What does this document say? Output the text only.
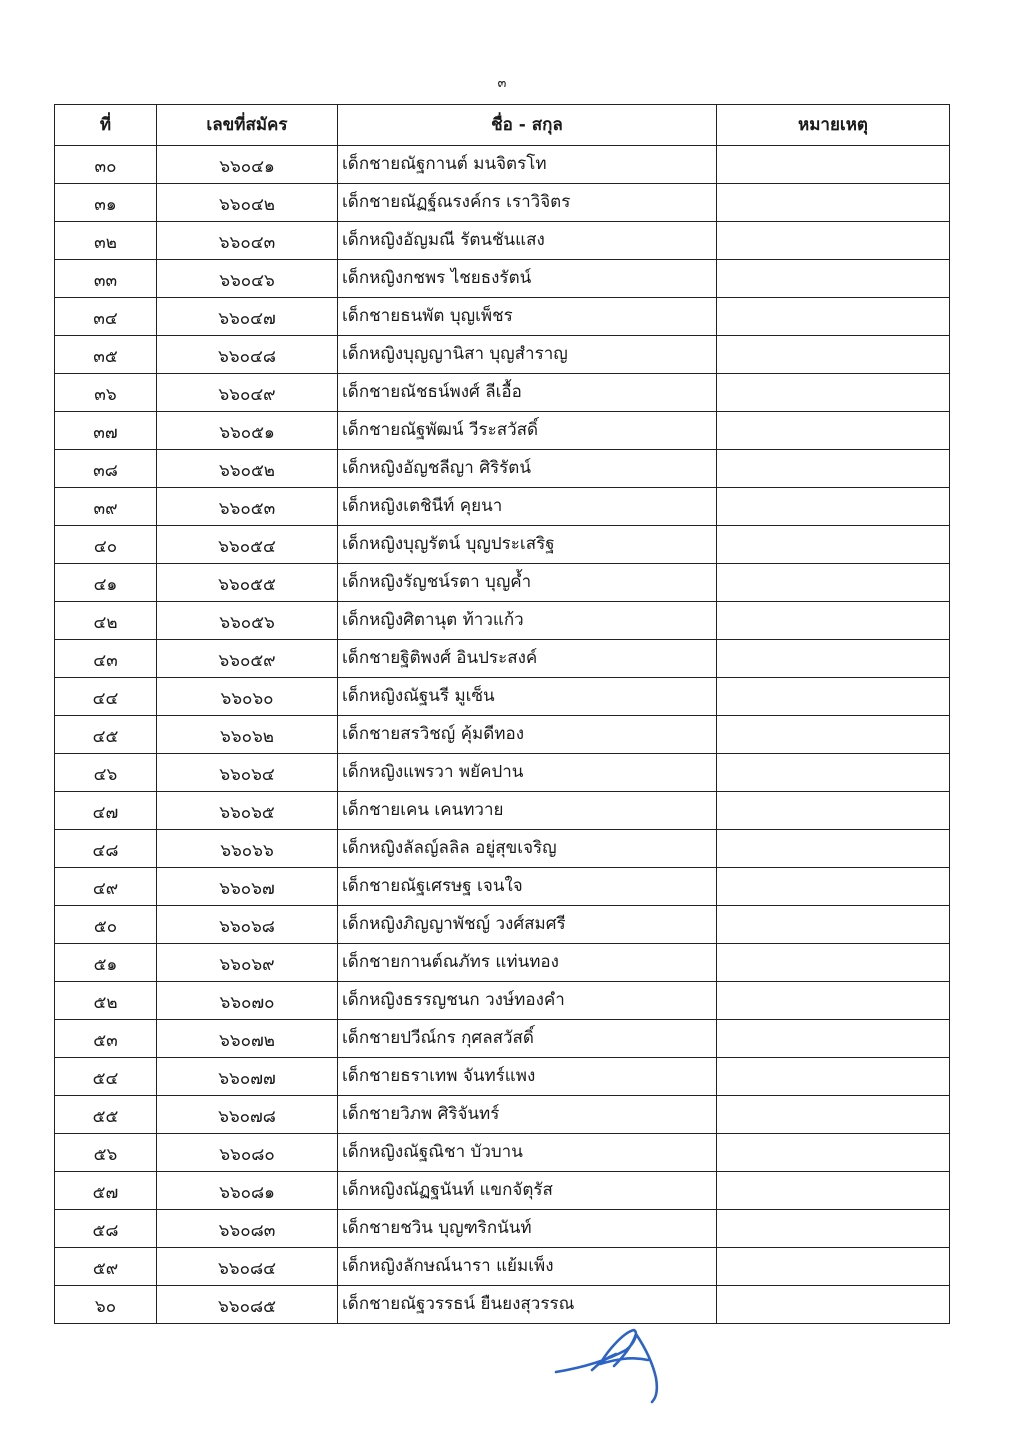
๓
ที่	เลขที่สมัคร	ชื่อ - สกุล	หมายเหตุ
๓๐	๖๖๐๔๑	เด็กชายณัฐกานต์ มนจิตรโท	
๓๑	๖๖๐๔๒	เด็กชายณัฏฐ์ณรงค์กร เราวิจิตร	
๓๒	๖๖๐๔๓	เด็กหญิงอัญมณี รัตนชันแสง	
๓๓	๖๖๐๔๖	เด็กหญิงกชพร ไชยธงรัตน์	
๓๔	๖๖๐๔๗	เด็กชายธนพัต บุญเพ็ชร	
๓๕	๖๖๐๔๘	เด็กหญิงบุญญานิสา บุญสำราญ	
๓๖	๖๖๐๔๙	เด็กชายณัชธน์พงศ์ ลีเอื้อ	
๓๗	๖๖๐๕๑	เด็กชายณัฐพัฒน์ วีระสวัสดิ์	
๓๘	๖๖๐๕๒	เด็กหญิงอัญชลีญา ศิริรัตน์	
๓๙	๖๖๐๕๓	เด็กหญิงเตชินีท์ คุยนา	
๔๐	๖๖๐๕๔	เด็กหญิงบุญรัตน์ บุญประเสริฐ	
๔๑	๖๖๐๕๕	เด็กหญิงรัญชน์รตา บุญค้ำ	
๔๒	๖๖๐๕๖	เด็กหญิงศิตานุต ท้าวแก้ว	
๔๓	๖๖๐๕๙	เด็กชายฐิติพงศ์ อินประสงค์	
๔๔	๖๖๐๖๐	เด็กหญิงณัฐนรี มูเซ็น	
๔๕	๖๖๐๖๒	เด็กชายสรวิชญ์ คุ้มดีทอง	
๔๖	๖๖๐๖๔	เด็กหญิงแพรวา พยัคปาน	
๔๗	๖๖๐๖๕	เด็กชายเคน เคนทวาย	
๔๘	๖๖๐๖๖	เด็กหญิงลัลญ์ลลิล อยู่สุขเจริญ	
๔๙	๖๖๐๖๗	เด็กชายณัฐเศรษฐ เจนใจ	
๕๐	๖๖๐๖๘	เด็กหญิงภิญญาพัชญ์ วงศ์สมศรี	
๕๑	๖๖๐๖๙	เด็กชายกานต์ณภัทร แท่นทอง	
๕๒	๖๖๐๗๐	เด็กหญิงธรรญชนก วงษ์ทองคำ	
๕๓	๖๖๐๗๒	เด็กชายปวีณ์กร กุศลสวัสดิ์	
๕๔	๖๖๐๗๗	เด็กชายธราเทพ จันทร์แพง	
๕๕	๖๖๐๗๘	เด็กชายวิภพ ศิริจันทร์	
๕๖	๖๖๐๘๐	เด็กหญิงณัฐณิชา บัวบาน	
๕๗	๖๖๐๘๑	เด็กหญิงณัฏฐนันท์ แขกจัตุรัส	
๕๘	๖๖๐๘๓	เด็กชายชวิน บุญฑริกนันท์	
๕๙	๖๖๐๘๔	เด็กหญิงลักษณ์นารา แย้มเพ็ง	
๖๐	๖๖๐๘๕	เด็กชายณัฐวรรธน์ ยืนยงสุวรรณ	
